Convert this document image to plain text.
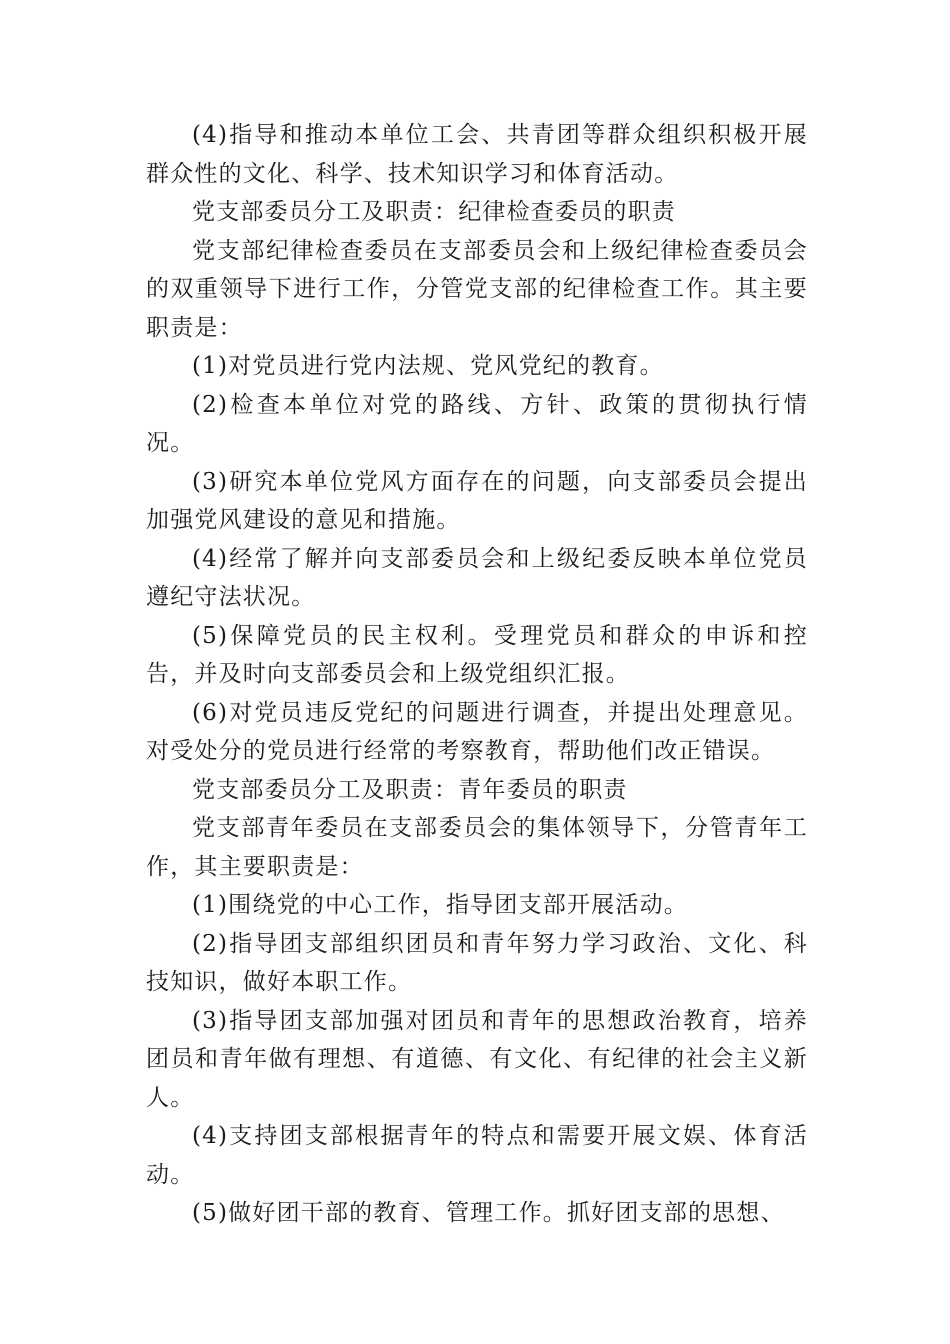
(4)指导和推动本单位工会、共青团等群众组织积极开展群众性的文化、科学、技术知识学习和体育活动。

党支部委员分工及职责：纪律检查委员的职责

党支部纪律检查委员在支部委员会和上级纪律检查委员会的双重领导下进行工作，分管党支部的纪律检查工作。其主要职责是：

(1)对党员进行党内法规、党风党纪的教育。

(2)检查本单位对党的路线、方针、政策的贯彻执行情况。

(3)研究本单位党风方面存在的问题，向支部委员会提出加强党风建设的意见和措施。

(4)经常了解并向支部委员会和上级纪委反映本单位党员遵纪守法状况。

(5)保障党员的民主权利。受理党员和群众的申诉和控告，并及时向支部委员会和上级党组织汇报。

(6)对党员违反党纪的问题进行调查，并提出处理意见。对受处分的党员进行经常的考察教育，帮助他们改正错误。

党支部委员分工及职责：青年委员的职责

党支部青年委员在支部委员会的集体领导下，分管青年工作，其主要职责是：

(1)围绕党的中心工作，指导团支部开展活动。

(2)指导团支部组织团员和青年努力学习政治、文化、科技知识，做好本职工作。

(3)指导团支部加强对团员和青年的思想政治教育，培养团员和青年做有理想、有道德、有文化、有纪律的社会主义新人。

(4)支持团支部根据青年的特点和需要开展文娱、体育活动。

(5)做好团干部的教育、管理工作。抓好团支部的思想、
